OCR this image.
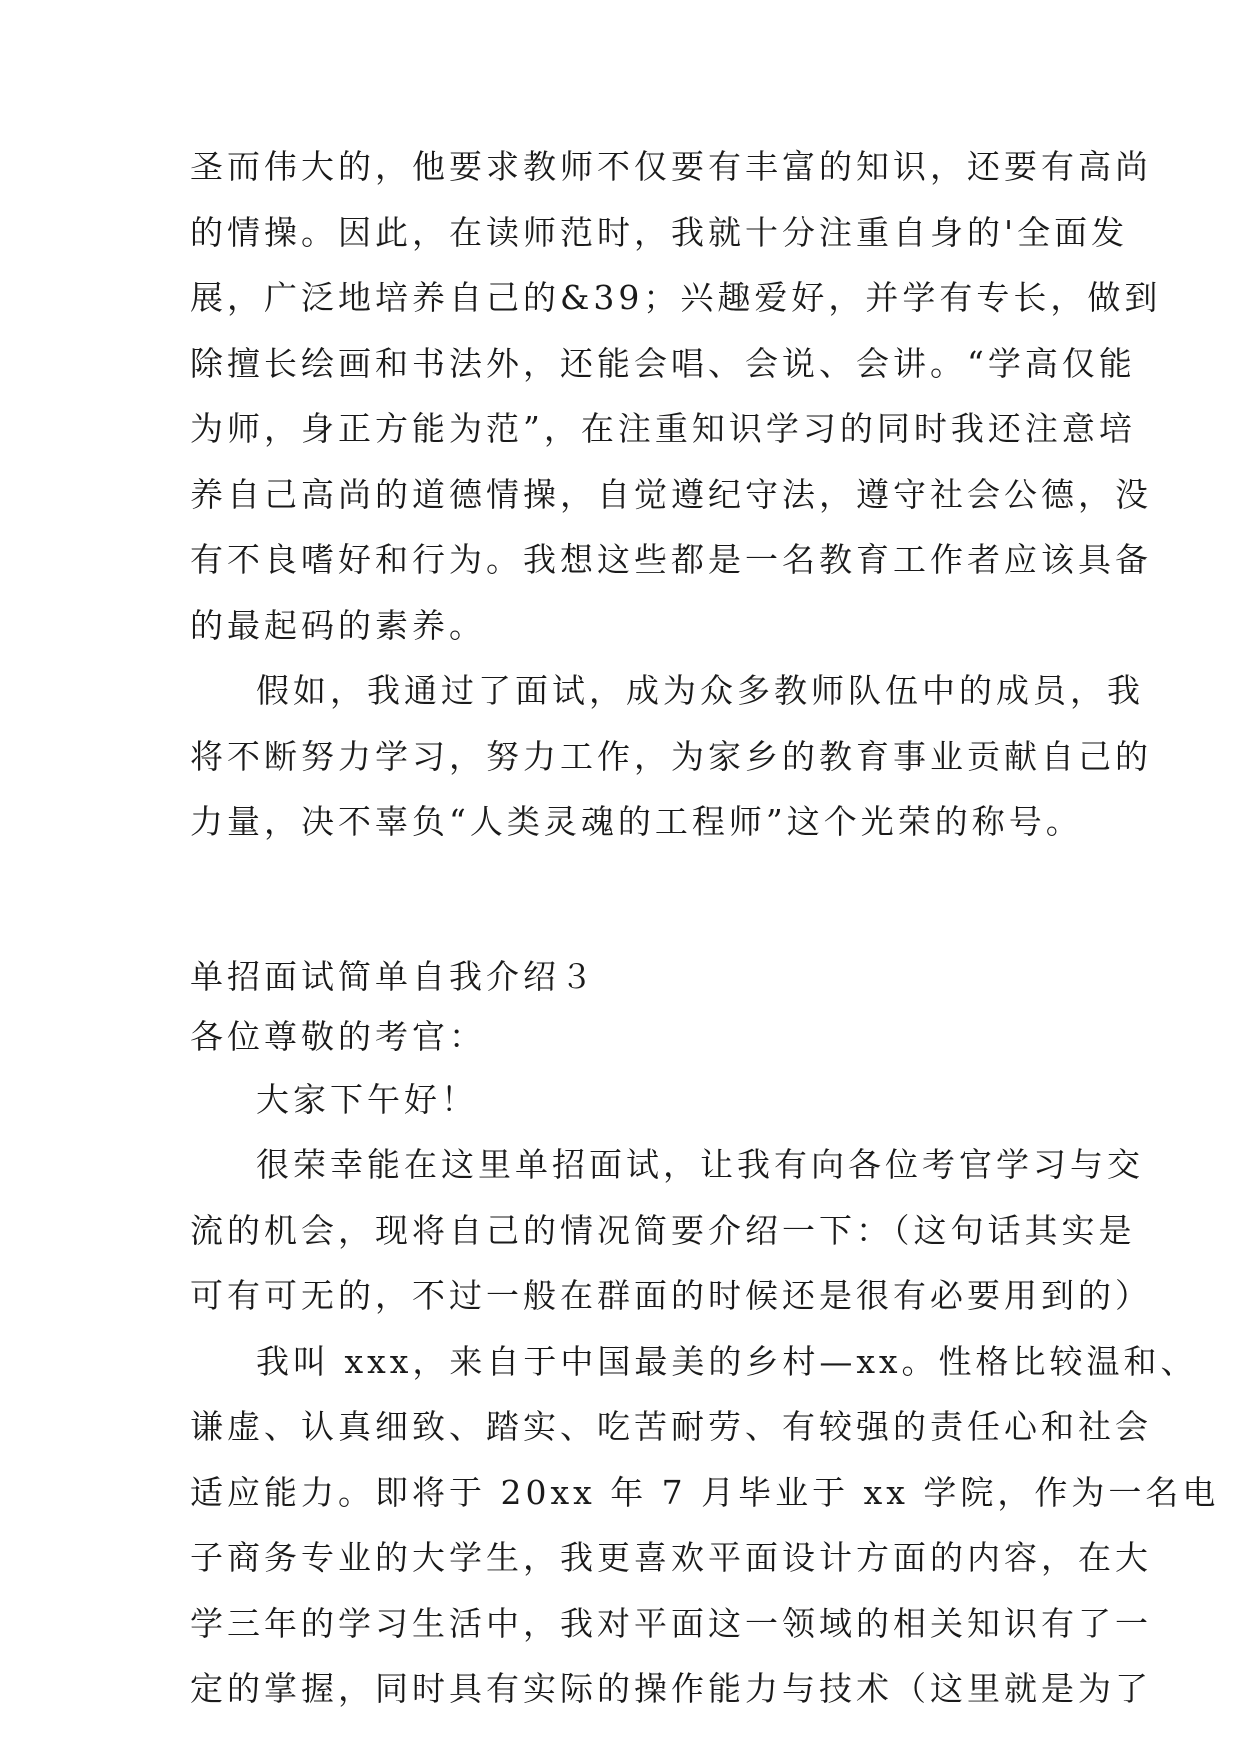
圣而伟大的，他要求教师不仅要有丰富的知识，还要有高尚
的情操。因此，在读师范时，我就十分注重自身的'全面发
展，广泛地培养自己的&39；兴趣爱好，并学有专长，做到
除擅长绘画和书法外，还能会唱、会说、会讲。“学高仅能
为师，身正方能为范”，在注重知识学习的同时我还注意培
养自己高尚的道德情操，自觉遵纪守法，遵守社会公德，没
有不良嗜好和行为。我想这些都是一名教育工作者应该具备
的最起码的素养。
假如，我通过了面试，成为众多教师队伍中的成员，我
将不断努力学习，努力工作，为家乡的教育事业贡献自己的
力量，决不辜负“人类灵魂的工程师”这个光荣的称号。
单招面试简单自我介绍３
各位尊敬的考官：
大家下午好！
很荣幸能在这里单招面试，让我有向各位考官学习与交
流的机会，现将自己的情况简要介绍一下：（这句话其实是
可有可无的，不过一般在群面的时候还是很有必要用到的）
我叫 xxx，来自于中国最美的乡村—xx。性格比较温和、
谦虚、认真细致、踏实、吃苦耐劳、有较强的责任心和社会
适应能力。即将于 20xx 年 7 月毕业于 xx 学院，作为一名电
子商务专业的大学生，我更喜欢平面设计方面的内容，在大
学三年的学习生活中，我对平面这一领域的相关知识有了一
定的掌握，同时具有实际的操作能力与技术（这里就是为了
